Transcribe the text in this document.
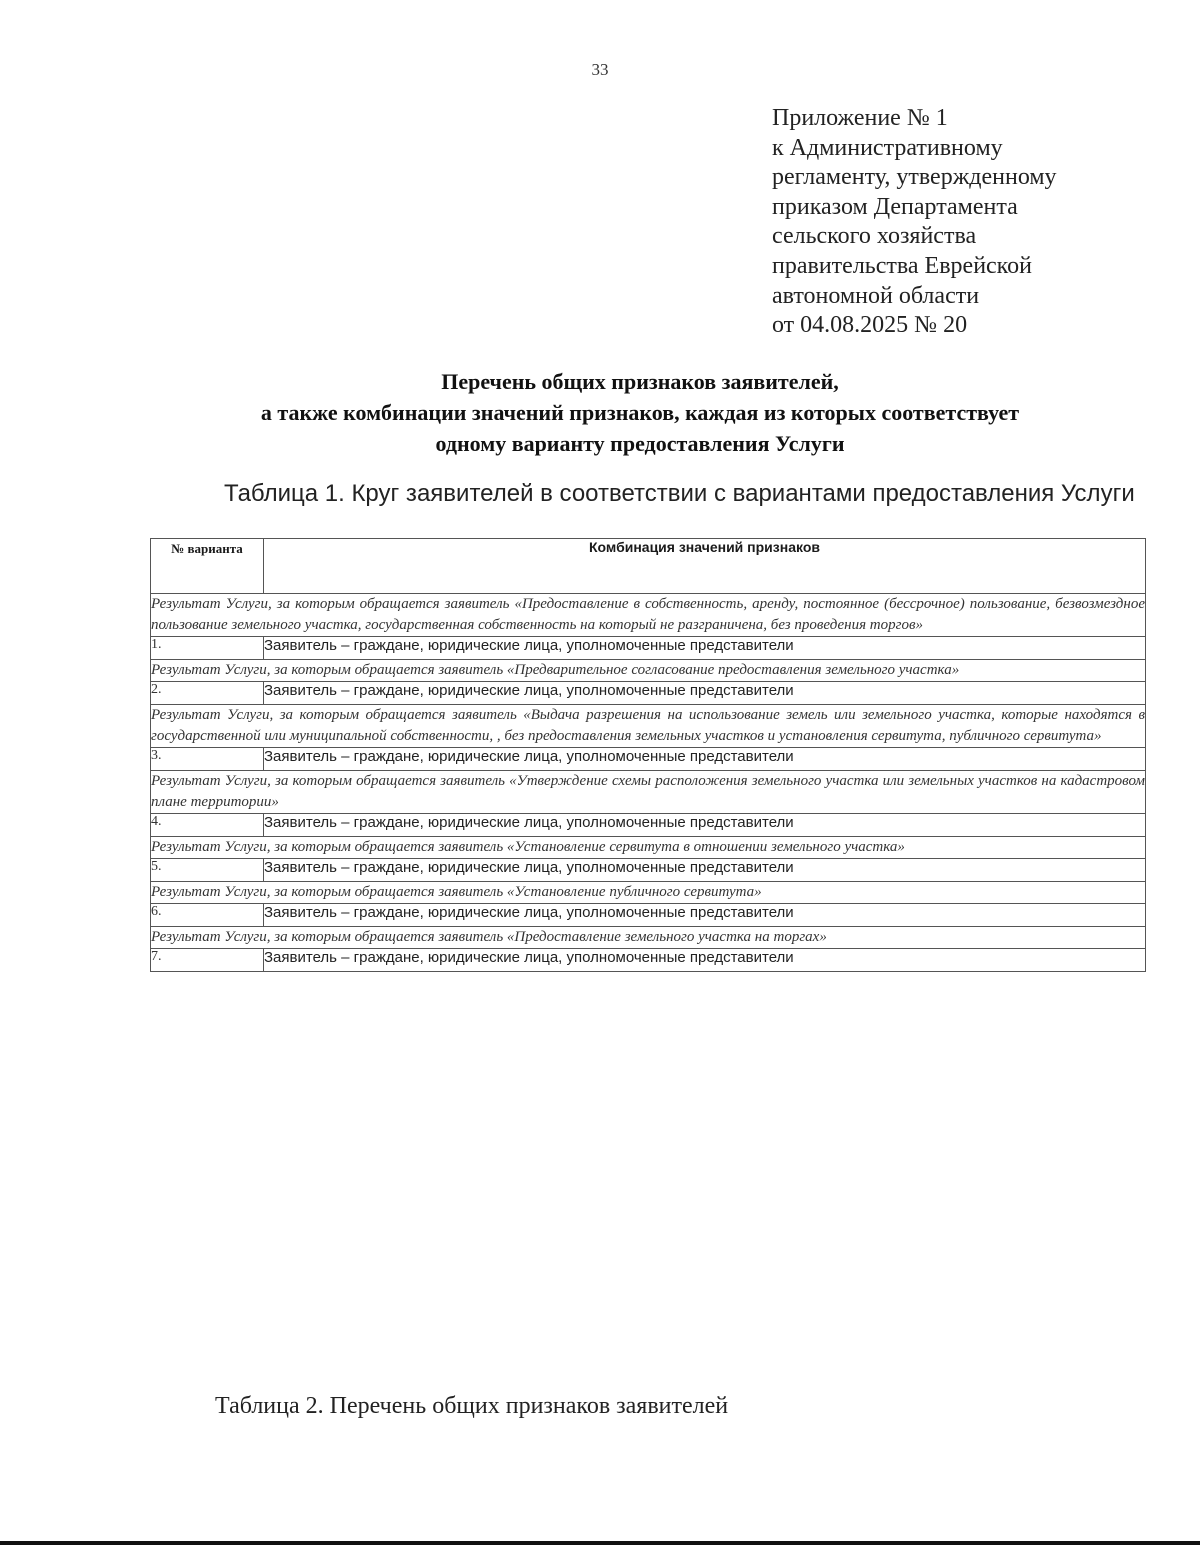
33
Приложение № 1
к Административному
регламенту, утвержденному
приказом Департамента
сельского хозяйства
правительства Еврейской
автономной области
от 04.08.2025 № 20
Перечень общих признаков заявителей,
а также комбинации значений признаков, каждая из которых соответствует
одному варианту предоставления Услуги
Таблица 1. Круг заявителей в соответствии с вариантами предоставления Услуги
№ варианта	Комбинация значений признаков
Результат Услуги, за которым обращается заявитель «Предоставление в собственность, аренду, постоянное (бессрочное) пользование, безвозмездное пользование земельного участка, государственная собственность на который не разграничена, без проведения торгов»	
1.	Заявитель – граждане, юридические лица, уполномоченные представители
Результат Услуги, за которым обращается заявитель «Предварительное согласование предоставления земельного участка»	
2.	Заявитель – граждане, юридические лица, уполномоченные представители
Результат Услуги, за которым обращается заявитель «Выдача разрешения на использование земель или земельного участка, которые находятся в государственной или муниципальной собственности, , без предоставления земельных участков и установления сервитута, публичного сервитута»	
3.	Заявитель – граждане, юридические лица, уполномоченные представители
Результат Услуги, за которым обращается заявитель «Утверждение схемы расположения земельного участка или земельных участков на кадастровом плане территории»	
4.	Заявитель – граждане, юридические лица, уполномоченные представители
Результат Услуги, за которым обращается заявитель «Установление сервитута в отношении земельного участка»	
5.	Заявитель – граждане, юридические лица, уполномоченные представители
Результат Услуги, за которым обращается заявитель «Установление публичного сервитута»	
6.	Заявитель – граждане, юридические лица, уполномоченные представители
Результат Услуги, за которым обращается заявитель «Предоставление земельного участка на торгах»	
7.	Заявитель – граждане, юридические лица, уполномоченные представители
Таблица 2. Перечень общих признаков заявителей
